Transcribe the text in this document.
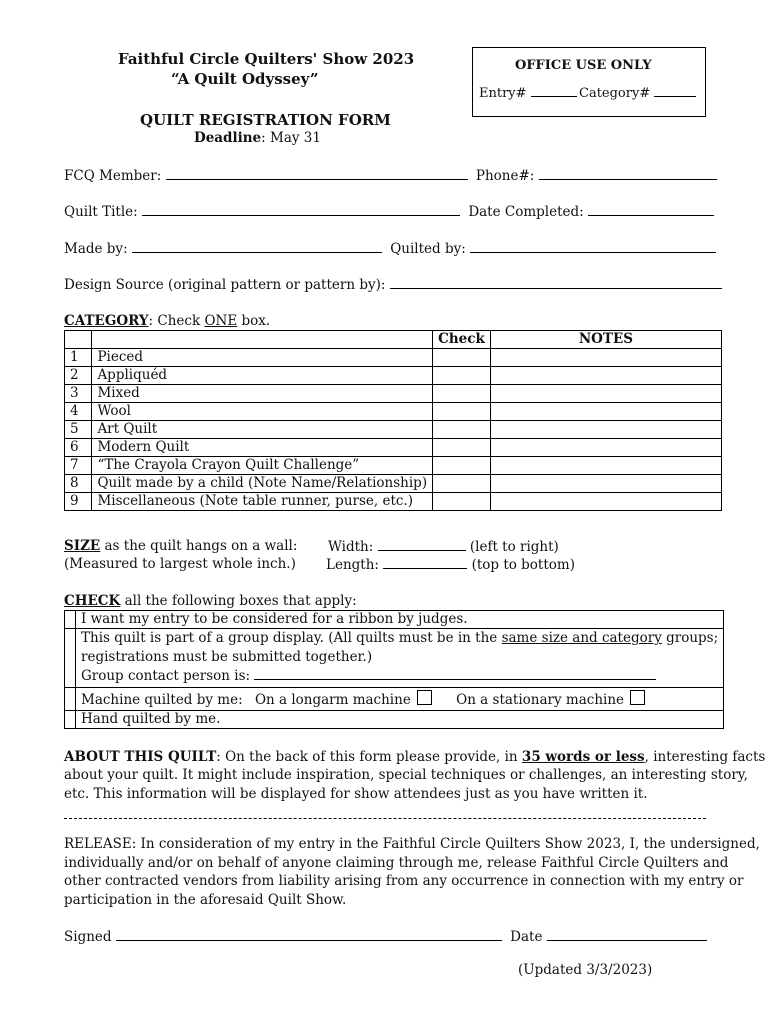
Faithful Circle Quilters' Show 2023
“A Quilt Odyssey”
QUILT REGISTRATION FORM
Deadline: May 31
OFFICE USE ONLY
Entry#	Category#
FCQ Member:	Phone#:
Quilt Title:	Date Completed:
Made by:	Quilted by:
Design Source (original pattern or pattern by):
CATEGORY: Check ONE box.
		Check	NOTES
1	Pieced		
2	Appliquéd		
3	Mixed		
4	Wool		
5	Art Quilt		
6	Modern Quilt		
7	“The Crayola Crayon Quilt Challenge”		
8	Quilt made by a child (Note Name/Relationship)		
9	Miscellaneous (Note table runner, purse, etc.)		
SIZE as the quilt hangs on a wall:
(Measured to largest whole inch.)
Width:	(left to right)
Length:	(top to bottom)
CHECK all the following boxes that apply:
	I want my entry to be considered for a ribbon by judges.

	This quilt is part of a group display. (All quilts must be in the same size and category groups;
registrations must be submitted together.)
Group contact person is:

	Machine quilted by me: On a longarm machine On a stationary machine
	Hand quilted by me.
ABOUT THIS QUILT: On the back of this form please provide, in 35 words or less, interesting facts
about your quilt. It might include inspiration, special techniques or challenges, an interesting story,
etc. This information will be displayed for show attendees just as you have written it.
RELEASE: In consideration of my entry in the Faithful Circle Quilters Show 2023, I, the undersigned,
individually and/or on behalf of anyone claiming through me, release Faithful Circle Quilters and
other contracted vendors from liability arising from any occurrence in connection with my entry or
participation in the aforesaid Quilt Show.
Signed	Date
(Updated 3/3/2023)
